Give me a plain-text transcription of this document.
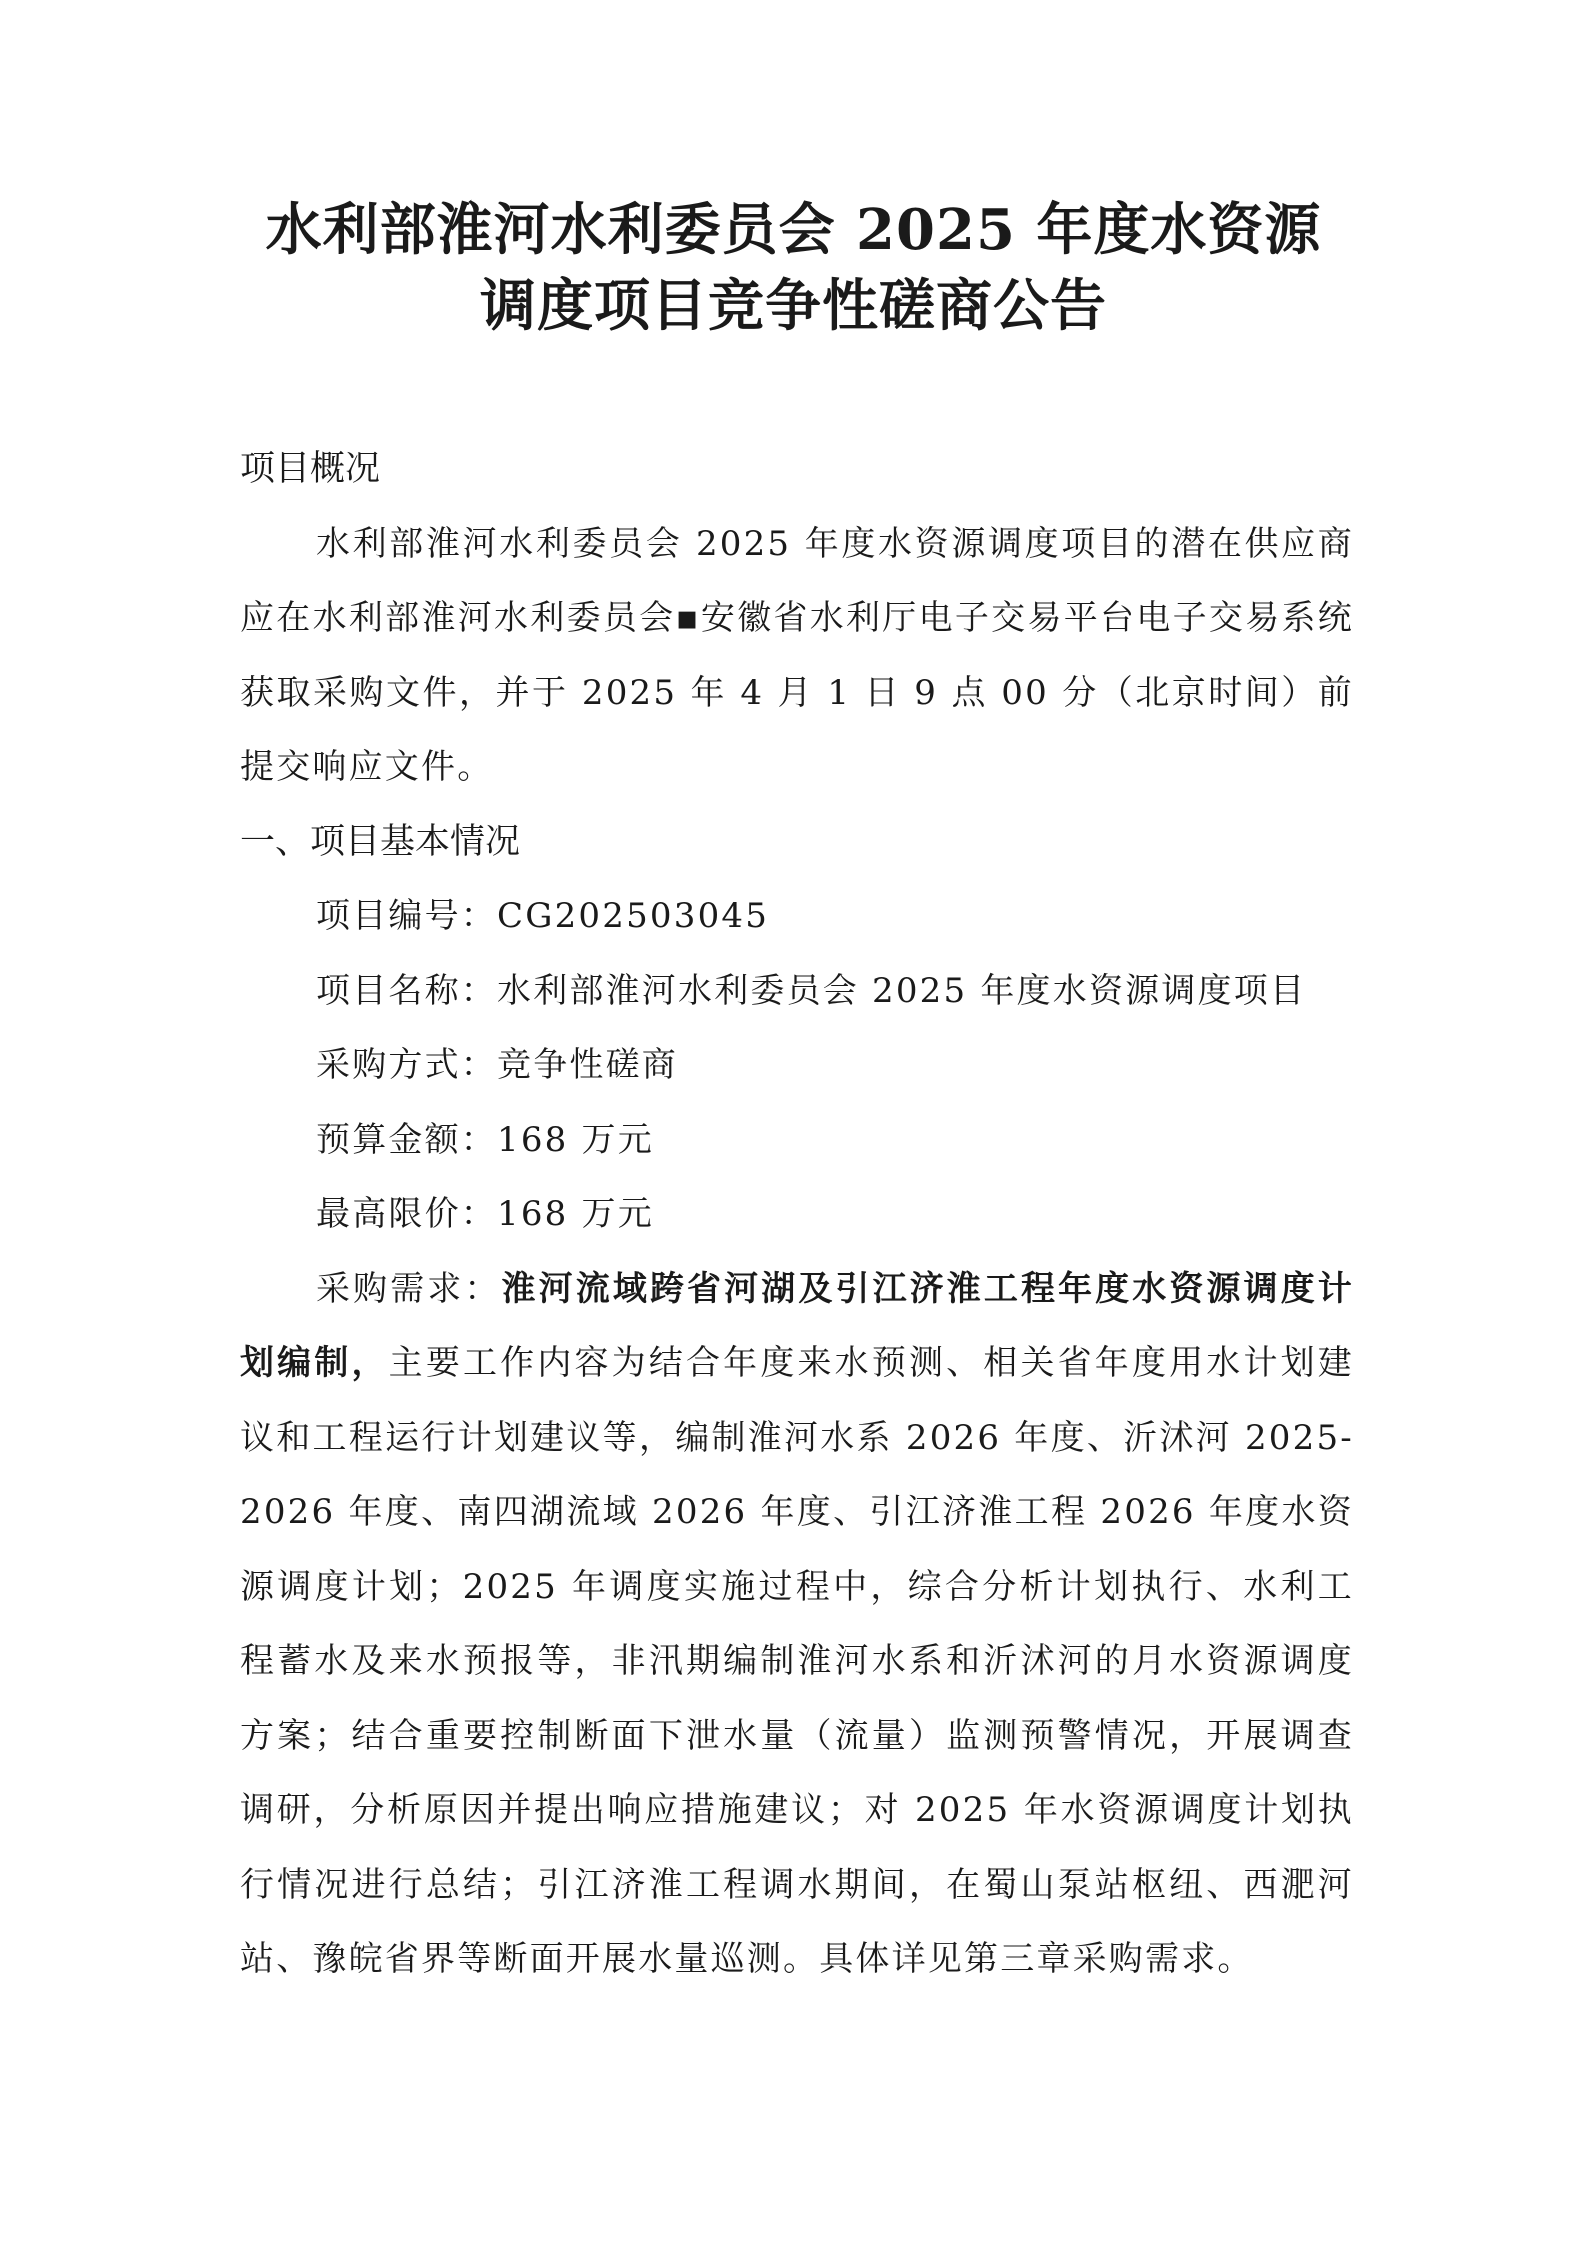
水利部淮河水利委员会 2025 年度水资源
调度项目竞争性磋商公告

项目概况

水利部淮河水利委员会 2025 年度水资源调度项目的潜在供应商应在水利部淮河水利委员会▪安徽省水利厅电子交易平台电子交易系统获取采购文件，并于 2025 年 4 月 1 日 9 点 00 分（北京时间）前提交响应文件。

一、项目基本情况

项目编号：CG202503045

项目名称：水利部淮河水利委员会 2025 年度水资源调度项目

采购方式：竞争性磋商

预算金额：168 万元

最高限价：168 万元

采购需求：淮河流域跨省河湖及引江济淮工程年度水资源调度计划编制，主要工作内容为结合年度来水预测、相关省年度用水计划建议和工程运行计划建议等，编制淮河水系 2026 年度、沂沭河 2025-2026 年度、南四湖流域 2026 年度、引江济淮工程 2026 年度水资源调度计划；2025 年调度实施过程中，综合分析计划执行、水利工程蓄水及来水预报等，非汛期编制淮河水系和沂沭河的月水资源调度方案；结合重要控制断面下泄水量（流量）监测预警情况，开展调查调研，分析原因并提出响应措施建议；对 2025 年水资源调度计划执行情况进行总结；引江济淮工程调水期间，在蜀山泵站枢纽、西淝河站、豫皖省界等断面开展水量巡测。具体详见第三章采购需求。
